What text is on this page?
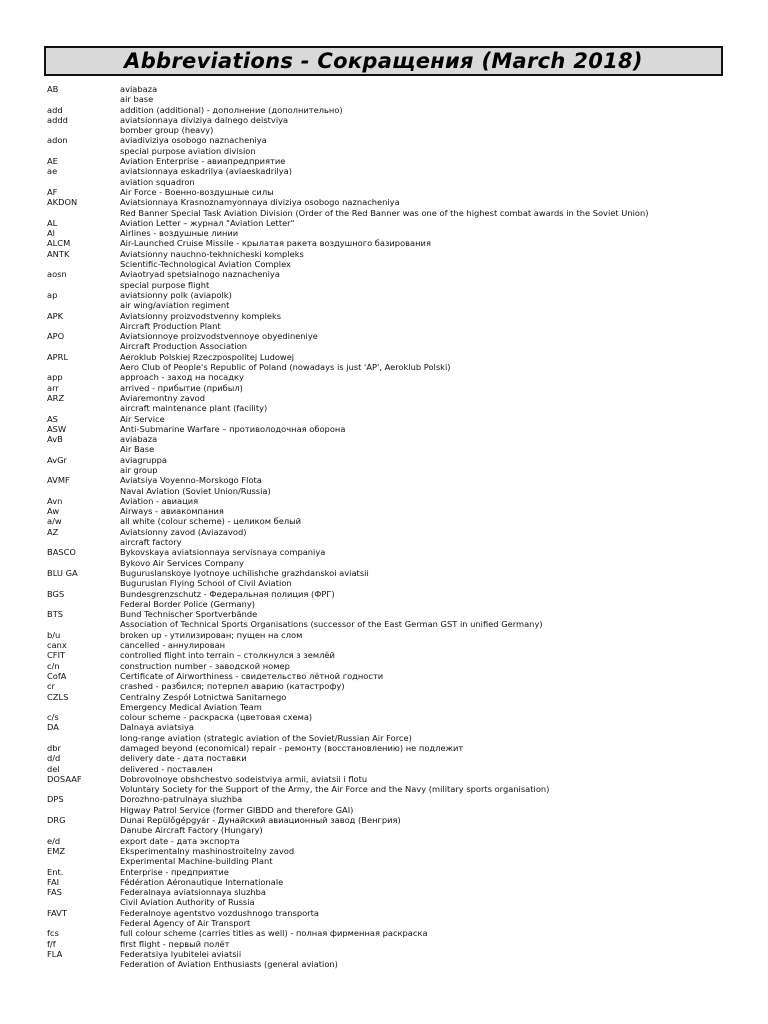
Abbreviations - Сокращения (March 2018)
AB	aviabaza
air base
add	addition (additional) - дополнение (дополнительно)
addd	aviatsionnaya diviziya dalnego deistviya
bomber group (heavy)
adon	aviadiviziya osobogo naznacheniya
special purpose aviation division
AE	Aviation Enterprise - авиапредприятие
ae	aviatsionnaya eskadrilya (aviaeskadrilya)
aviation squadron
AF	Air Force - Военно-воздушные силы
AKDON	Aviatsionnaya Krasnoznamyonnaya diviziya osobogo naznacheniya
Red Banner Special Task Aviation Division (Order of the Red Banner was one of the highest combat awards in the Soviet Union)
AL	Aviation Letter – журнал "Aviation Letter"
Al	Airlines - воздушные линии
ALCM	Air-Launched Cruise Missile - крылатая ракета воздушного базирования
ANTK	Aviatsionny nauchno-tekhnicheski kompleks
Scientific-Technological Aviation Complex
aosn	Aviaotryad spetsialnogo naznacheniya
special purpose flight
ap	aviatsionny polk (aviapolk)
air wing/aviation regiment
APK	Aviatsionny proizvodstvenny kompleks
Aircraft Production Plant
APO	Aviatsionnoye proizvodstvennoye obyedineniye
Aircraft Production Association
APRL	Aeroklub Polskiej Rzeczpospolitej Ludowej
Aero Club of People's Republic of Poland (nowadays is just 'AP', Aeroklub Polski)
app	approach - заход на посадку
arr	arrived - прибытие (прибыл)
ARZ	Aviaremontny zavod
aircraft maintenance plant (facility)
AS	Air Service
ASW	Anti-Submarine Warfare – противолодочная оборона
AvB	aviabaza
Air Base
AvGr	aviagruppa
air group
AVMF	Aviatsiya Voyenno-Morskogo Flota
Naval Aviation (Soviet Union/Russia)
Avn	Aviation - авиация
Aw	Airways - авиакомпания
a/w	all white (colour scheme) - целиком белый
AZ	Aviatsionny zavod (Aviazavod)
aircraft factory
BASCO	Bykovskaya aviatsionnaya servisnaya companiya
Bykovo Air Services Company
BLU GA	Buguruslanskoye lyotnoye uchilishche grazhdanskoi aviatsii
Buguruslan Flying School of Civil Aviation
BGS	Bundesgrenzschutz - Федеральная полиция (ФРГ)
Federal Border Police (Germany)
BTS	Bund Technischer Sportverbände
Association of Technical Sports Organisations (successor of the East German GST in unified Germany)
b/u	broken up - утилизирован; пущен на слом
canx	cancelled - аннулирован
CFIT	controlled flight into terrain – столкнулся з землёй
c/n	construction number - заводской номер
CofA	Certificate of Airworthiness - свидетельство лётной годности
cr	crashed - разбился; потерпел аварию (катастрофу)
CZLS	Centralny Zespół Lotnictwa Sanitarnego
Emergency Medical Aviation Team
c/s	colour scheme - раскраска (цветовая схема)
DA	Dalnaya aviatsiya
long-range aviation (strategic aviation of the Soviet/Russian Air Force)
dbr	damaged beyond (economical) repair - ремонту (восстановлению) не подлежит
d/d	delivery date - дата поставки
del	delivered - поставлен
DOSAAF	Dobrovolnoye obshchestvo sodeistviya armii, aviatsii i flotu
Voluntary Society for the Support of the Army, the Air Force and the Navy (military sports organisation)
DPS	Dorozhno-patrulnaya sluzhba
Higway Patrol Service (former GIBDD and therefore GAI)
DRG	Dunai Repülőgépgyár - Дунайский авиационный завод (Венгрия)
Danube Aircraft Factory (Hungary)
e/d	export date - дата экспорта
EMZ	Eksperimentalny mashinostroitelny zavod
Experimental Machine-building Plant
Ent.	Enterprise - предприятие
FAI	Fédération Aéronautique Internationale
FAS	Federalnaya aviatsionnaya sluzhba
Civil Aviation Authority of Russia
FAVT	Federalnoye agentstvo vozdushnogo transporta
Federal Agency of Air Transport
fcs	full colour scheme (carries titles as well) - полная фирменная раскраска
f/f	first flight - первый полёт
FLA	Federatsiya lyubitelei aviatsii
Federation of Aviation Enthusiasts (general aviation)
